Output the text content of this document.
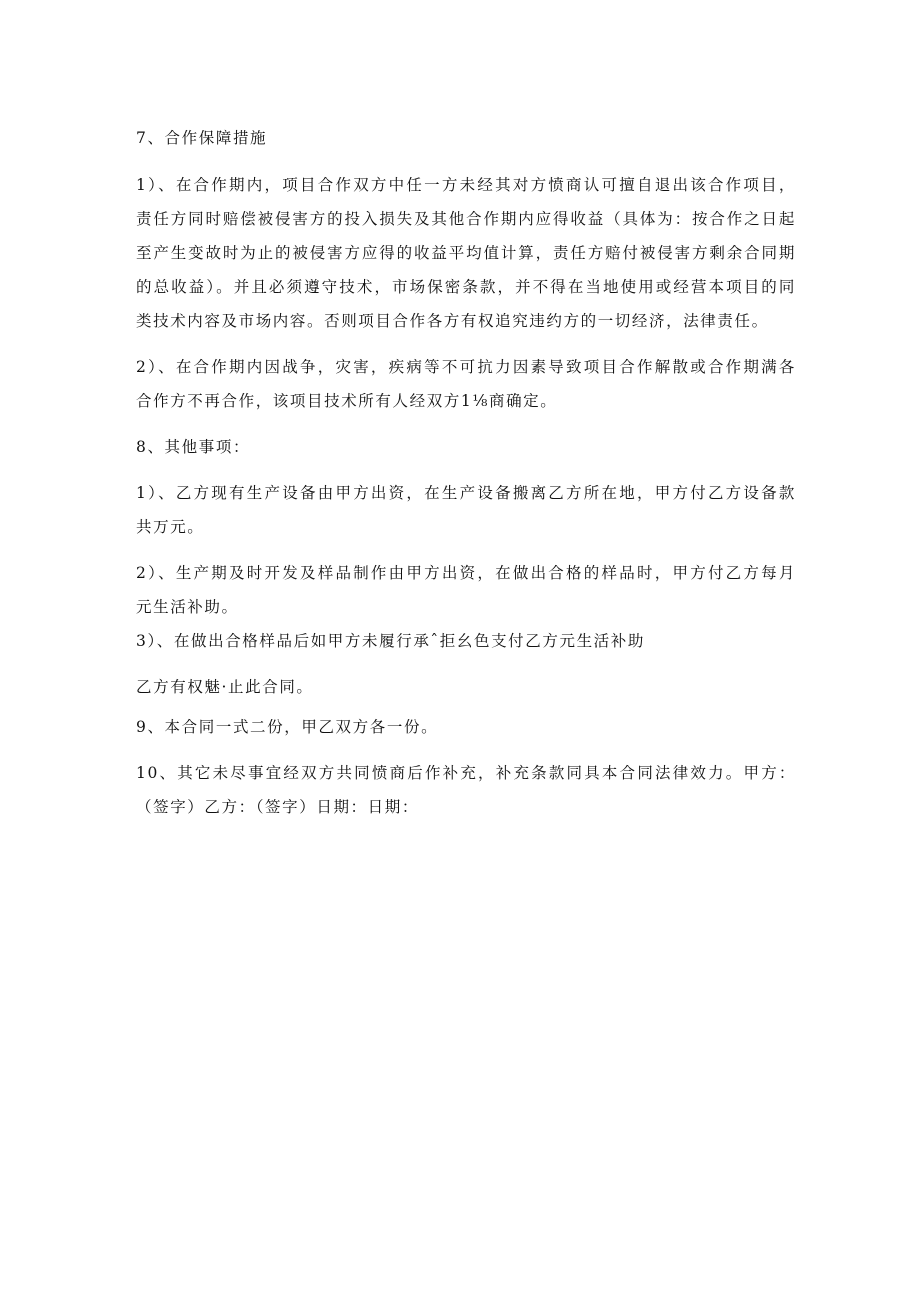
7、合作保障措施
1）、在合作期内，项目合作双方中任一方未经其对方愤商认可擅自退出该合作项目，
责任方同时赔偿被侵害方的投入损失及其他合作期内应得收益（具体为：按合作之日起
至产生变故时为止的被侵害方应得的收益平均值计算，责任方赔付被侵害方剩余合同期
的总收益）。并且必须遵守技术，市场保密条款，并不得在当地使用或经营本项目的同
类技术内容及市场内容。否则项目合作各方有权追究违约方的一切经济，法律责任。
2）、在合作期内因战争，灾害，疾病等不可抗力因素导致项目合作解散或合作期满各
合作方不再合作，该项目技术所有人经双方1⅛商确定。
8、其他事项：
1）、乙方现有生产设备由甲方出资，在生产设备搬离乙方所在地，甲方付乙方设备款
共万元。
2）、生产期及时开发及样品制作由甲方出资，在做出合格的样品时，甲方付乙方每月
元生活补助。
3）、在做出合格样品后如甲方未履行承ˆ拒幺色支付乙方元生活补助
乙方有权魅·止此合同。
9、本合同一式二份，甲乙双方各一份。
10、其它未尽事宜经双方共同愤商后作补充，补充条款同具本合同法律效力。甲方：
（签字）乙方：（签字）日期：日期：
